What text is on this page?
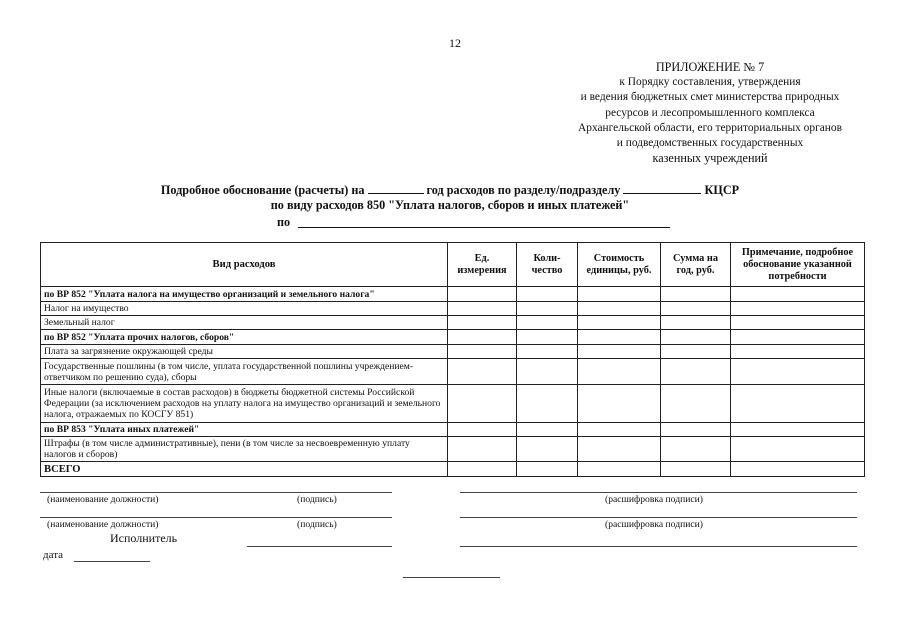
12
ПРИЛОЖЕНИЕ № 7
к Порядку составления, утверждения
и ведения бюджетных смет министерства природных
ресурсов и лесопромышленного комплекса
Архангельской области, его территориальных органов
и подведомственных государственных
казенных учреждений
Подробное обоснование (расчеты) на	год расходов по разделу/подразделу	КЦСР
по виду расходов 850 "Уплата налогов, сборов и иных платежей"
по
Вид расходов	Ед. измерения	Коли-чество	Стоимость единицы, руб.	Сумма на год, руб.	Примечание, подробное обоснование указанной потребности
по ВР 852 "Уплата налога на имущество организаций и земельного налога"					
Налог на имущество					
Земельный налог					
по ВР 852 "Уплата прочих налогов, сборов"					
Плата за загрязнение окружающей среды					
Государственные пошлины (в том числе, уплата государственной пошлины учреждением-ответчиком по решению суда), сборы					
Иные налоги (включаемые в состав расходов) в бюджеты бюджетной системы Российской Федерации (за исключением расходов на уплату налога на имущество организаций и земельного налога, отражаемых по КОСГУ 851)					
по ВР 853 "Уплата иных платежей"					
Штрафы (в том числе административные), пени (в том числе за несвоевременную уплату налогов и сборов)					
ВСЕГО					
(наименование должности)	(подпись)	(расшифровка подписи)
(наименование должности)	(подпись)	(расшифровка подписи)
Исполнитель
дата
